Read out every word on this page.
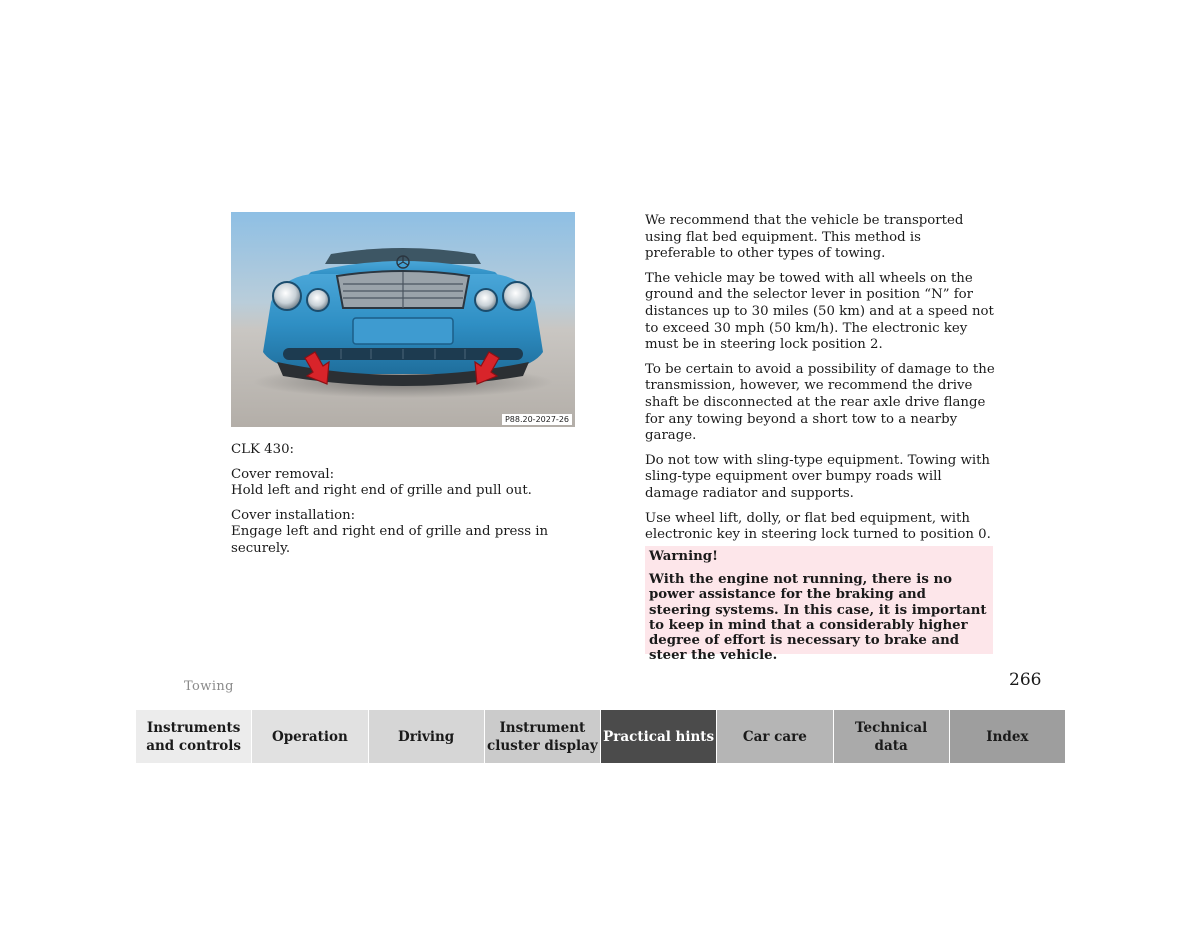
P88.20-2027-26

CLK 430:

Cover removal:
Hold left and right end of grille and pull out.

Cover installation:
Engage left and right end of grille and press in securely.

We recommend that the vehicle be transported using flat bed equipment. This method is preferable to other types of towing.

The vehicle may be towed with all wheels on the ground and the selector lever in position “N” for distances up to 30 miles (50 km) and at a speed not to exceed 30 mph (50 km/h). The electronic key must be in steering lock position 2.

To be certain to avoid a possibility of damage to the transmission, however, we recommend the drive shaft be disconnected at the rear axle drive flange for any towing beyond a short tow to a nearby garage.

Do not tow with sling-type equipment. Towing with sling-type equipment over bumpy roads will damage radiator and supports.

Use wheel lift, dolly, or flat bed equipment, with electronic key in steering lock turned to position 0.

Warning!
With the engine not running, there is no power assistance for the braking and steering systems. In this case, it is important to keep in mind that a considerably higher degree of effort is necessary to brake and steer the vehicle.
Towing	266
Instruments
and controls
Operation	Driving
Instrument
cluster display
Practical hints Car care
Technical
data
Index
